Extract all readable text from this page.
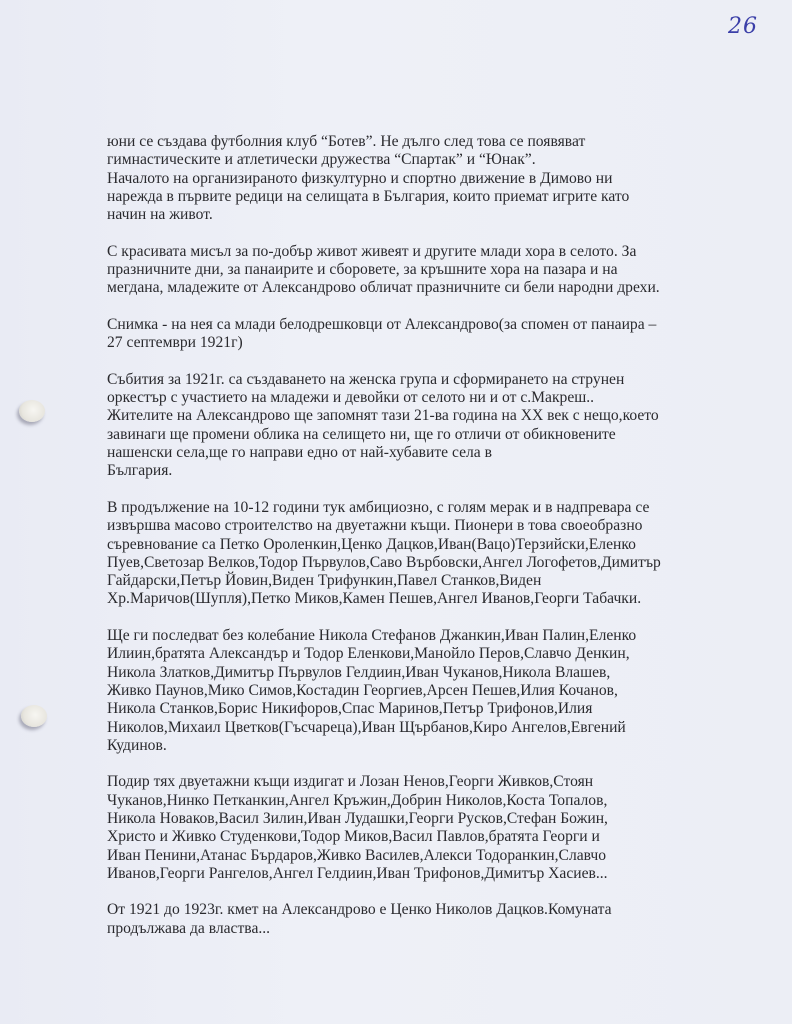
26
юни се създава футболния клуб “Ботев”. Не дълго след това се появяват
гимнастическите и атлетически дружества “Спартак” и “Юнак”.
Началото на организираното физкултурно и спортно движение в Димово ни
нарежда в първите редици на селищата в България, които приемат игрите като
начин на живот.
С красивата мисъл за по-добър живот живеят и другите млади хора в селото. За
празничните дни, за панаирите и сборовете, за кръшните хора на пазара и на
мегдана, младежите от Александрово обличат празничните си бели народни дрехи.
Снимка - на нея са млади белодрешковци от Александрово(за спомен от панаира –
27 септември 1921г)
Събития за 1921г. са създаването на женска група и сформирането на струнен
оркестър с участието на младежи и девойки от селото ни и от с.Макреш..
Жителите на Александрово ще запомнят тази 21-ва година на ХХ век с нещо,което
завинаги ще промени облика на селището ни, ще го отличи от обикновените
нашенски села,ще го направи едно от най-хубавите села в
България.
В продължение на 10-12 години тук амбициозно, с голям мерак и в надпревара се
извършва масово строителство на двуетажни къщи. Пионери в това своеобразно
съревнование са Петко Ороленкин,Ценко Дацков,Иван(Вацо)Терзийски,Еленко
Пуев,Светозар Велков,Тодор Първулов,Саво Върбовски,Ангел Логофетов,Димитър
Гайдарски,Петър Йовин,Виден Трифункин,Павел Станков,Виден
Хр.Маричов(Шупля),Петко Миков,Камен Пешев,Ангел Иванов,Георги Табачки.
Ще ги последват без колебание Никола Стефанов Джанкин,Иван Палин,Еленко
Илиин,братята Александър и Тодор Еленкови,Манойло Перов,Славчо Денкин,
Никола Златков,Димитър Първулов Гелдиин,Иван Чуканов,Никола Влашев,
Живко Паунов,Мико Симов,Костадин Георгиев,Арсен Пешев,Илия Кочанов,
Никола Станков,Борис Никифоров,Спас Маринов,Петър Трифонов,Илия
Николов,Михаил Цветков(Гъсчареца),Иван Щърбанов,Киро Ангелов,Евгений
Кудинов.
Подир тях двуетажни къщи издигат и Лозан Ненов,Георги Живков,Стоян
Чуканов,Нинко Петканкин,Ангел Кръжин,Добрин Николов,Коста Топалов,
Никола Новаков,Васил Зилин,Иван Лудашки,Георги Русков,Стефан Божин,
Христо и Живко Студенкови,Тодор Миков,Васил Павлов,братята Георги и
Иван Пенини,Атанас Бърдаров,Живко Василев,Алекси Тодоранкин,Славчо
Иванов,Георги Рангелов,Ангел Гелдиин,Иван Трифонов,Димитър Хасиев...
От 1921 до 1923г. кмет на Александрово е Ценко Николов Дацков.Комуната
продължава да властва...
